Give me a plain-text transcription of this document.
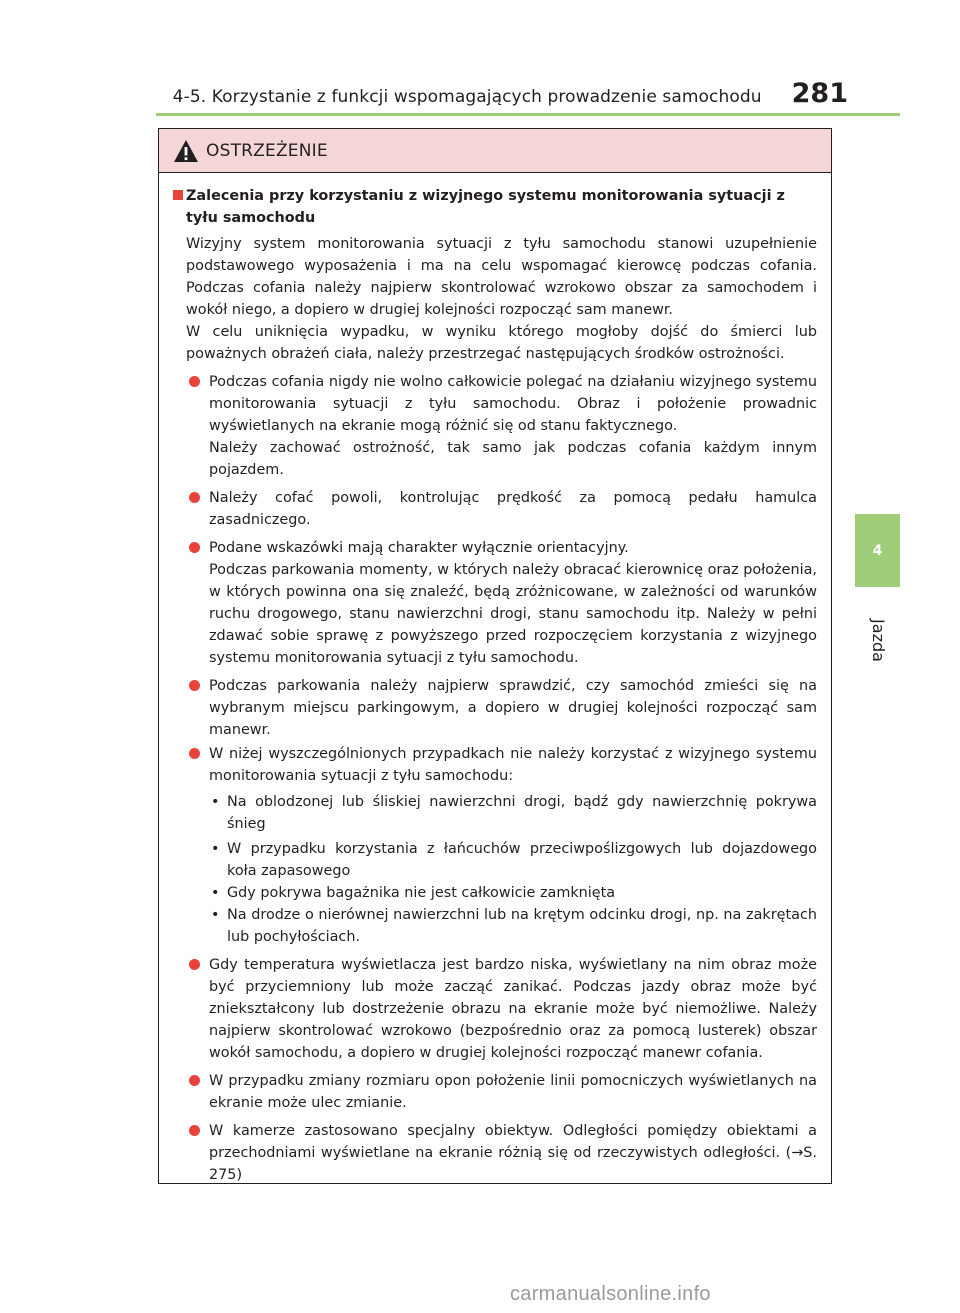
4-5. Korzystanie z funkcji wspomagających prowadzenie samochodu 281
4
Jazda
OSTRZEŻENIE
Zalecenia przy korzystaniu z wizyjnego systemu monitorowania sytuacji z tyłu samochodu
Wizyjny system monitorowania sytuacji z tyłu samochodu stanowi uzupełnienie podstawowego wyposażenia i ma na celu wspomagać kierowcę podczas cofania. Podczas cofania należy najpierw skontrolować wzrokowo obszar za samochodem i wokół niego, a dopiero w drugiej kolejności rozpocząć sam manewr.
W celu uniknięcia wypadku, w wyniku którego mogłoby dojść do śmierci lub poważnych obrażeń ciała, należy przestrzegać następujących środków ostrożności.
Podczas cofania nigdy nie wolno całkowicie polegać na działaniu wizyjnego systemu monitorowania sytuacji z tyłu samochodu. Obraz i położenie prowadnic wyświetlanych na ekranie mogą różnić się od stanu faktycznego.
Należy zachować ostrożność, tak samo jak podczas cofania każdym innym pojazdem.
Należy cofać powoli, kontrolując prędkość za pomocą pedału hamulca zasadniczego.
Podane wskazówki mają charakter wyłącznie orientacyjny.
Podczas parkowania momenty, w których należy obracać kierownicę oraz położenia, w których powinna ona się znaleźć, będą zróżnicowane, w zależności od warunków ruchu drogowego, stanu nawierzchni drogi, stanu samochodu itp. Należy w pełni zdawać sobie sprawę z powyższego przed rozpoczęciem korzystania z wizyjnego systemu monitorowania sytuacji z tyłu samochodu.
Podczas parkowania należy najpierw sprawdzić, czy samochód zmieści się na wybranym miejscu parkingowym, a dopiero w drugiej kolejności rozpocząć sam manewr.
W niżej wyszczególnionych przypadkach nie należy korzystać z wizyjnego systemu monitorowania sytuacji z tyłu samochodu:
• Na oblodzonej lub śliskiej nawierzchni drogi, bądź gdy nawierzchnię pokrywa śnieg
• W przypadku korzystania z łańcuchów przeciwpoślizgowych lub dojazdowego koła zapasowego
• Gdy pokrywa bagażnika nie jest całkowicie zamknięta
• Na drodze o nierównej nawierzchni lub na krętym odcinku drogi, np. na zakrętach lub pochyłościach.
Gdy temperatura wyświetlacza jest bardzo niska, wyświetlany na nim obraz może być przyciemniony lub może zacząć zanikać. Podczas jazdy obraz może być zniekształcony lub dostrzeżenie obrazu na ekranie może być niemożliwe. Należy najpierw skontrolować wzrokowo (bezpośrednio oraz za pomocą lusterek) obszar wokół samochodu, a dopiero w drugiej kolejności rozpocząć manewr cofania.
W przypadku zmiany rozmiaru opon położenie linii pomocniczych wyświetlanych na ekranie może ulec zmianie.
W kamerze zastosowano specjalny obiektyw. Odległości pomiędzy obiektami a przechodniami wyświetlane na ekranie różnią się od rzeczywistych odległości. (→S. 275)
carmanualsonline.info
